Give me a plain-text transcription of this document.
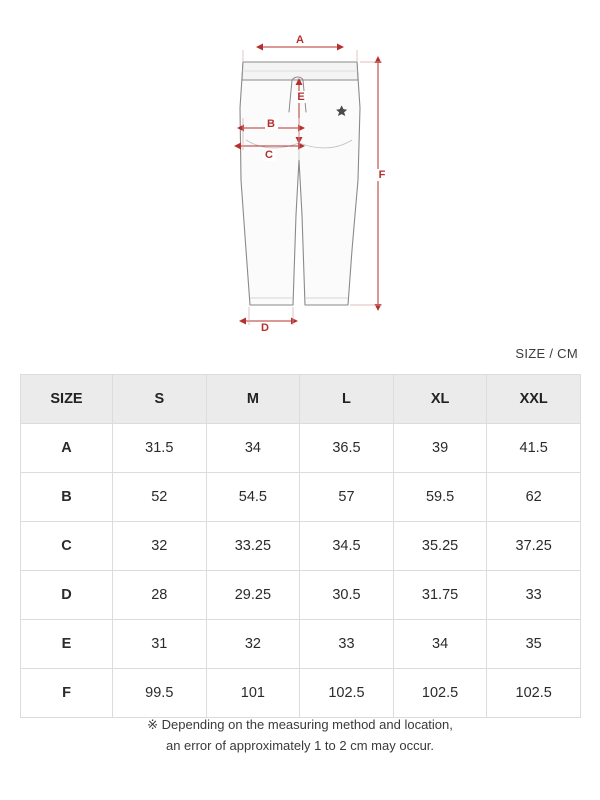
A
B
C
D
E
F
SIZE / CM
SIZE	S	M	L	XL	XXL
A	31.5	34	36.5	39	41.5
B	52	54.5	57	59.5	62
C	32	33.25	34.5	35.25	37.25
D	28	29.25	30.5	31.75	33
E	31	32	33	34	35
F	99.5	101	102.5	102.5	102.5
※ Depending on the measuring method and location,
an error of approximately 1 to 2 cm may occur.
